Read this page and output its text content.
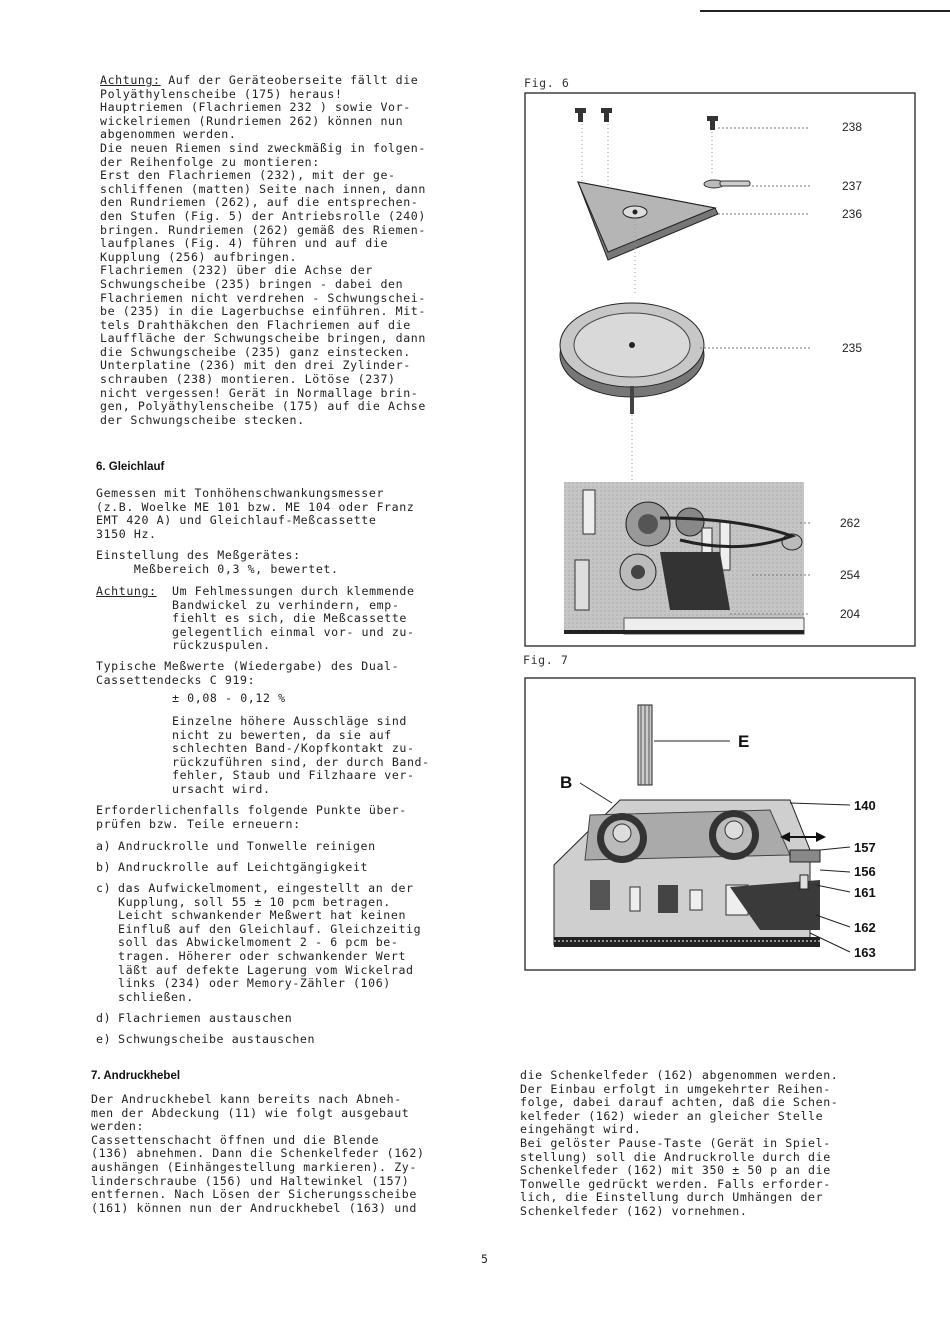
Achtung: Auf der Geräteoberseite fällt die
Polyäthylenscheibe (175) heraus!
Hauptriemen (Flachriemen 232 ) sowie Vor-
wickelriemen (Rundriemen 262) können nun
abgenommen werden.
Die neuen Riemen sind zweckmäßig in folgen-
der Reihenfolge zu montieren:
Erst den Flachriemen (232), mit der ge-
schliffenen (matten) Seite nach innen, dann
den Rundriemen (262), auf die entsprechen-
den Stufen (Fig. 5) der Antriebsrolle (240)
bringen. Rundriemen (262) gemäß des Riemen-
laufplanes (Fig. 4) führen und auf die
Kupplung (256) aufbringen.
Flachriemen (232) über die Achse der
Schwungscheibe (235) bringen - dabei den
Flachriemen nicht verdrehen - Schwungschei-
be (235) in die Lagerbuchse einführen. Mit-
tels Drahthäkchen den Flachriemen auf die
Lauffläche der Schwungscheibe bringen, dann
die Schwungscheibe (235) ganz einstecken.
Unterplatine (236) mit den drei Zylinder-
schrauben (238) montieren. Lötöse (237)
nicht vergessen! Gerät in Normallage brin-
gen, Polyäthylenscheibe (175) auf die Achse
der Schwungscheibe stecken.
6. Gleichlauf
Gemessen mit Tonhöhenschwankungsmesser
(z.B. Woelke ME 101 bzw. ME 104 oder Franz
EMT 420 A) und Gleichlauf-Meßcassette
3150 Hz.
Einstellung des Meßgerätes:
Meßbereich 0,3 %, bewertet.
Achtung: Um Fehlmessungen durch klemmende
Bandwickel zu verhindern, emp-
fiehlt es sich, die Meßcassette
gelegentlich einmal vor- und zu-
rückzuspulen.
Typische Meßwerte (Wiedergabe) des Dual-
Cassettendecks C 919:
± 0,08 - 0,12 %
Einzelne höhere Ausschläge sind
nicht zu bewerten, da sie auf
schlechten Band-/Kopfkontakt zu-
rückzuführen sind, der durch Band-
fehler, Staub und Filzhaare ver-
ursacht wird.
Erforderlichenfalls folgende Punkte über-
prüfen bzw. Teile erneuern:
a) Andruckrolle und Tonwelle reinigen
b) Andruckrolle auf Leichtgängigkeit
c) das Aufwickelmoment, eingestellt an der
Kupplung, soll 55 ± 10 pcm betragen.
Leicht schwankender Meßwert hat keinen
Einfluß auf den Gleichlauf. Gleichzeitig
soll das Abwickelmoment 2 - 6 pcm be-
tragen. Höherer oder schwankender Wert
läßt auf defekte Lagerung vom Wickelrad
links (234) oder Memory-Zähler (106)
schließen.
d) Flachriemen austauschen
e) Schwungscheibe austauschen
7. Andruckhebel
Der Andruckhebel kann bereits nach Abneh-
men der Abdeckung (11) wie folgt ausgebaut
werden:
Cassettenschacht öffnen und die Blende
(136) abnehmen. Dann die Schenkelfeder (162)
aushängen (Einhängestellung markieren). Zy-
linderschraube (156) und Haltewinkel (157)
entfernen. Nach Lösen der Sicherungsscheibe
(161) können nun der Andruckhebel (163) und
die Schenkelfeder (162) abgenommen werden.
Der Einbau erfolgt in umgekehrter Reihen-
folge, dabei darauf achten, daß die Schen-
kelfeder (162) wieder an gleicher Stelle
eingehängt wird.
Bei gelöster Pause-Taste (Gerät in Spiel-
stellung) soll die Andruckrolle durch die
Schenkelfeder (162) mit 350 ± 50 p an die
Tonwelle gedrückt werden. Falls erforder-
lich, die Einstellung durch Umhängen der
Schenkelfeder (162) vornehmen.
5
Fig. 6
238
237
236
235
262
254
204
Fig. 7
E
B
140
157
156
161
162
163
